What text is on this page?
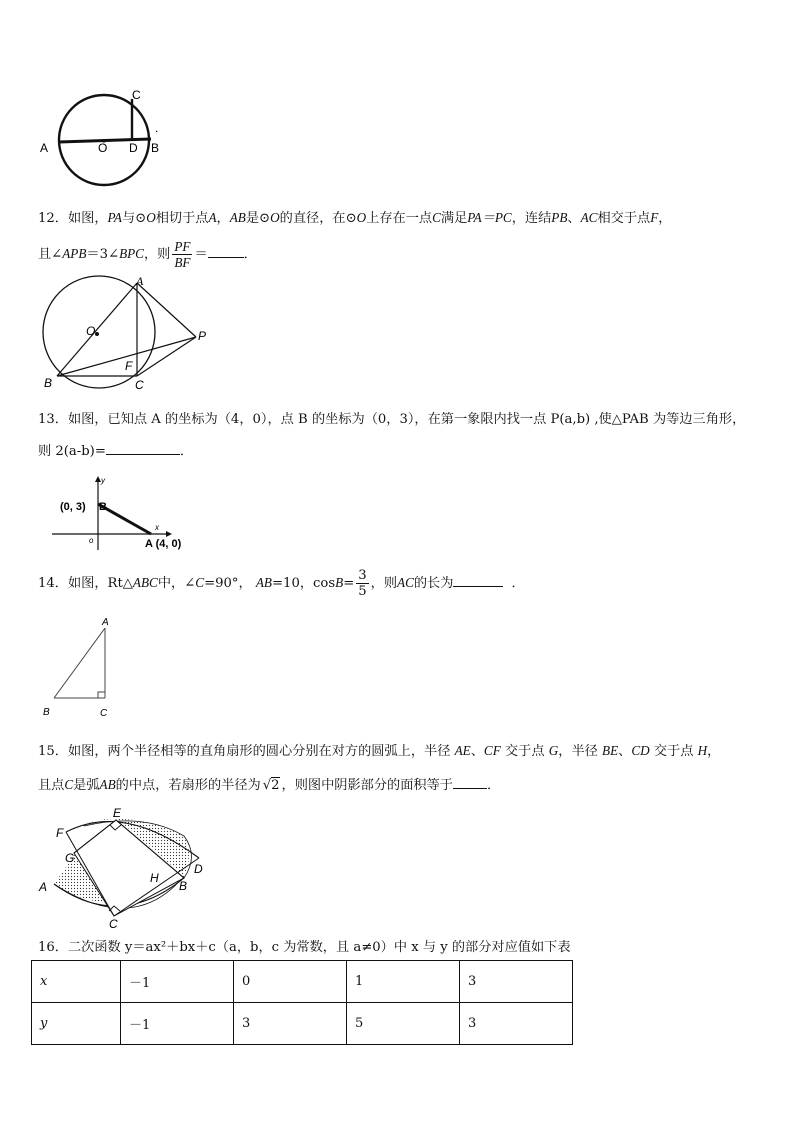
A	O D B
C
.
12．如图，PA与⊙O相切于点A，AB是⊙O的直径，在⊙O上存在一点C满足PA＝PC，连结PB、AC相交于点F，
且∠APB＝3∠BPC，则 $\frac{PF}{BF}$ ＝	．
A
O	P
F
B	C
13．如图，已知点 A 的坐标为（4，0），点 B 的坐标为（0，3），在第一象限内找一点 P(a,b) ,使△PAB 为等边三角形，
则 2(a-b)=	．
(0, 3) B
A (4, 0)
o
x
y
14．如图，Rt△ABC中，∠C=90°， AB=10，$\cos B= \frac{3}{5}$ ，则AC的长为	．
A
B	C
15．如图，两个半径相等的直角扇形的圆心分别在对方的圆弧上，半径 AE、CF 交于点 G，半径 BE、CD 交于点 H，
且点C是弧AB的中点，若扇形的半径为 √2 ，则图中阴影部分的面积等于	．
E
F
G
D
H
B
A
C
16．二次函数 y＝ax²＋bx＋c（a，b，c 为常数，且 a≠0）中 x 与 y 的部分对应值如下表
x	－1	0	1	3
y	－1	3	5	3
